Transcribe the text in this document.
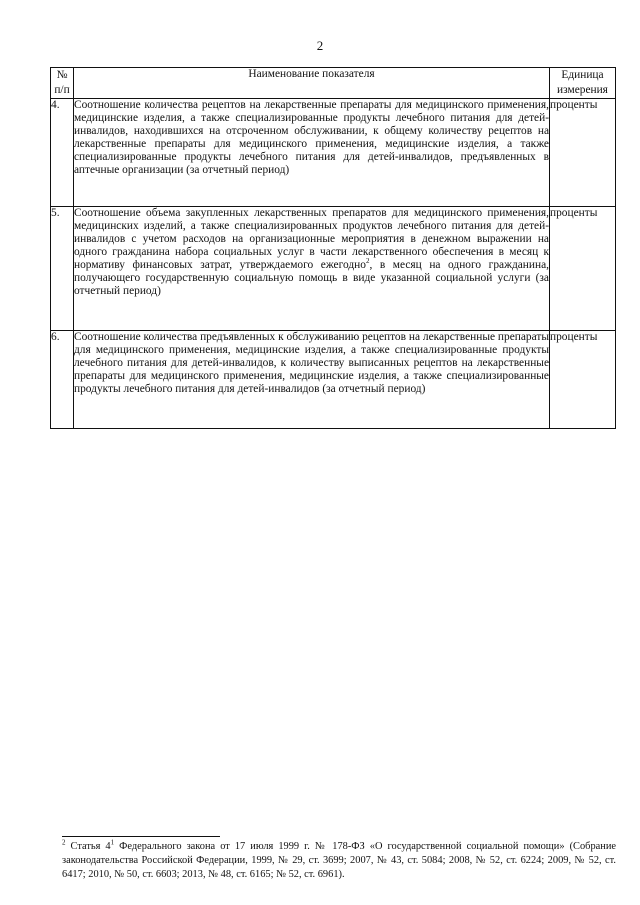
2
№ п/п	Наименование показателя	Единица измерения
4.	Соотношение количества рецептов на лекарственные препараты для медицинского применения, медицинские изделия, а также специализированные продукты лечебного питания для детей-инвалидов, находившихся на отсроченном обслуживании, к общему количеству рецептов на лекарственные препараты для медицинского применения, медицинские изделия, а также специализированные продукты лечебного питания для детей-инвалидов, предъявленных в аптечные организации (за отчетный период)	проценты
5.	Соотношение объема закупленных лекарственных препаратов для медицинского применения, медицинских изделий, а также специализированных продуктов лечебного питания для детей-инвалидов с учетом расходов на организационные мероприятия в денежном выражении на одного гражданина набора социальных услуг в части лекарственного обеспечения в месяц к нормативу финансовых затрат, утверждаемого ежегодно$^2$, в месяц на одного гражданина, получающего государственную социальную помощь в виде указанной социальной услуги (за отчетный период)	проценты
6.	Соотношение количества предъявленных к обслуживанию рецептов на лекарственные препараты для медицинского применения, медицинские изделия, а также специализированные продукты лечебного питания для детей-инвалидов, к количеству выписанных рецептов на лекарственные препараты для медицинского применения, медицинские изделия, а также специализированные продукты лечебного питания для детей-инвалидов (за отчетный период)	проценты
$^2$ Статья $4^1$ Федерального закона от 17 июля 1999 г. № 178-ФЗ «О государственной социальной помощи» (Собрание законодательства Российской Федерации, 1999, № 29, ст. 3699; 2007, № 43, ст. 5084; 2008, № 52, ст. 6224; 2009, № 52, ст. 6417; 2010, № 50, ст. 6603; 2013, № 48, ст. 6165; № 52, ст. 6961).
